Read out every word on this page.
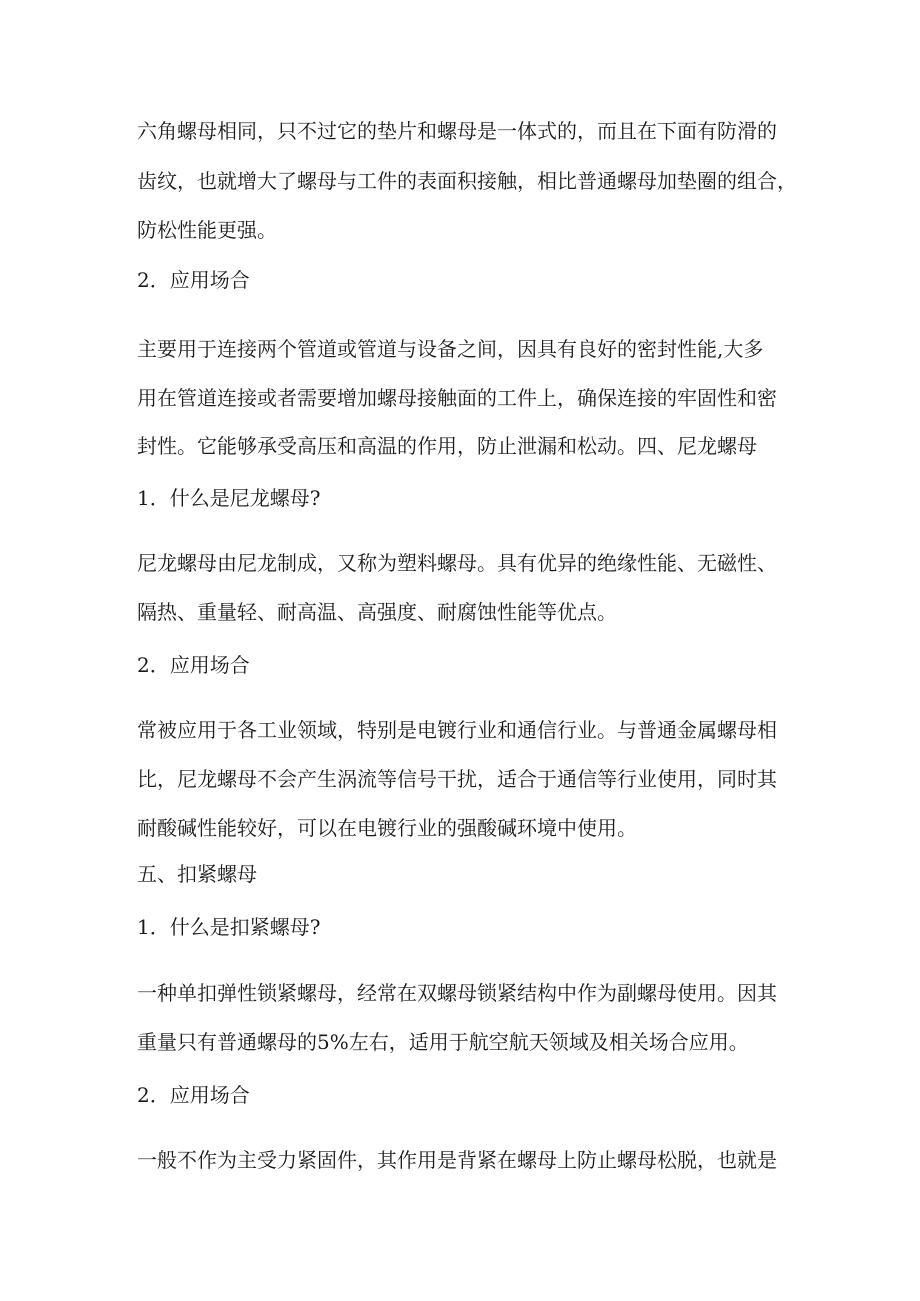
六角螺母相同，只不过它的垫片和螺母是一体式的，而且在下面有防滑的
齿纹，也就增大了螺母与工件的表面积接触，相比普通螺母加垫圈的组合，
防松性能更强。
2．应用场合
主要用于连接两个管道或管道与设备之间，因具有良好的密封性能,大多
用在管道连接或者需要增加螺母接触面的工件上，确保连接的牢固性和密
封性。它能够承受高压和高温的作用，防止泄漏和松动。四、尼龙螺母
1．什么是尼龙螺母?
尼龙螺母由尼龙制成，又称为塑料螺母。具有优异的绝缘性能、无磁性、
隔热、重量轻、耐高温、高强度、耐腐蚀性能等优点。
2．应用场合
常被应用于各工业领域，特别是电镀行业和通信行业。与普通金属螺母相
比，尼龙螺母不会产生涡流等信号干扰，适合于通信等行业使用，同时其
耐酸碱性能较好，可以在电镀行业的强酸碱环境中使用。
五、扣紧螺母
1．什么是扣紧螺母?
一种单扣弹性锁紧螺母，经常在双螺母锁紧结构中作为副螺母使用。因其
重量只有普通螺母的5%左右，适用于航空航天领域及相关场合应用。
2．应用场合
一般不作为主受力紧固件，其作用是背紧在螺母上防止螺母松脱，也就是
